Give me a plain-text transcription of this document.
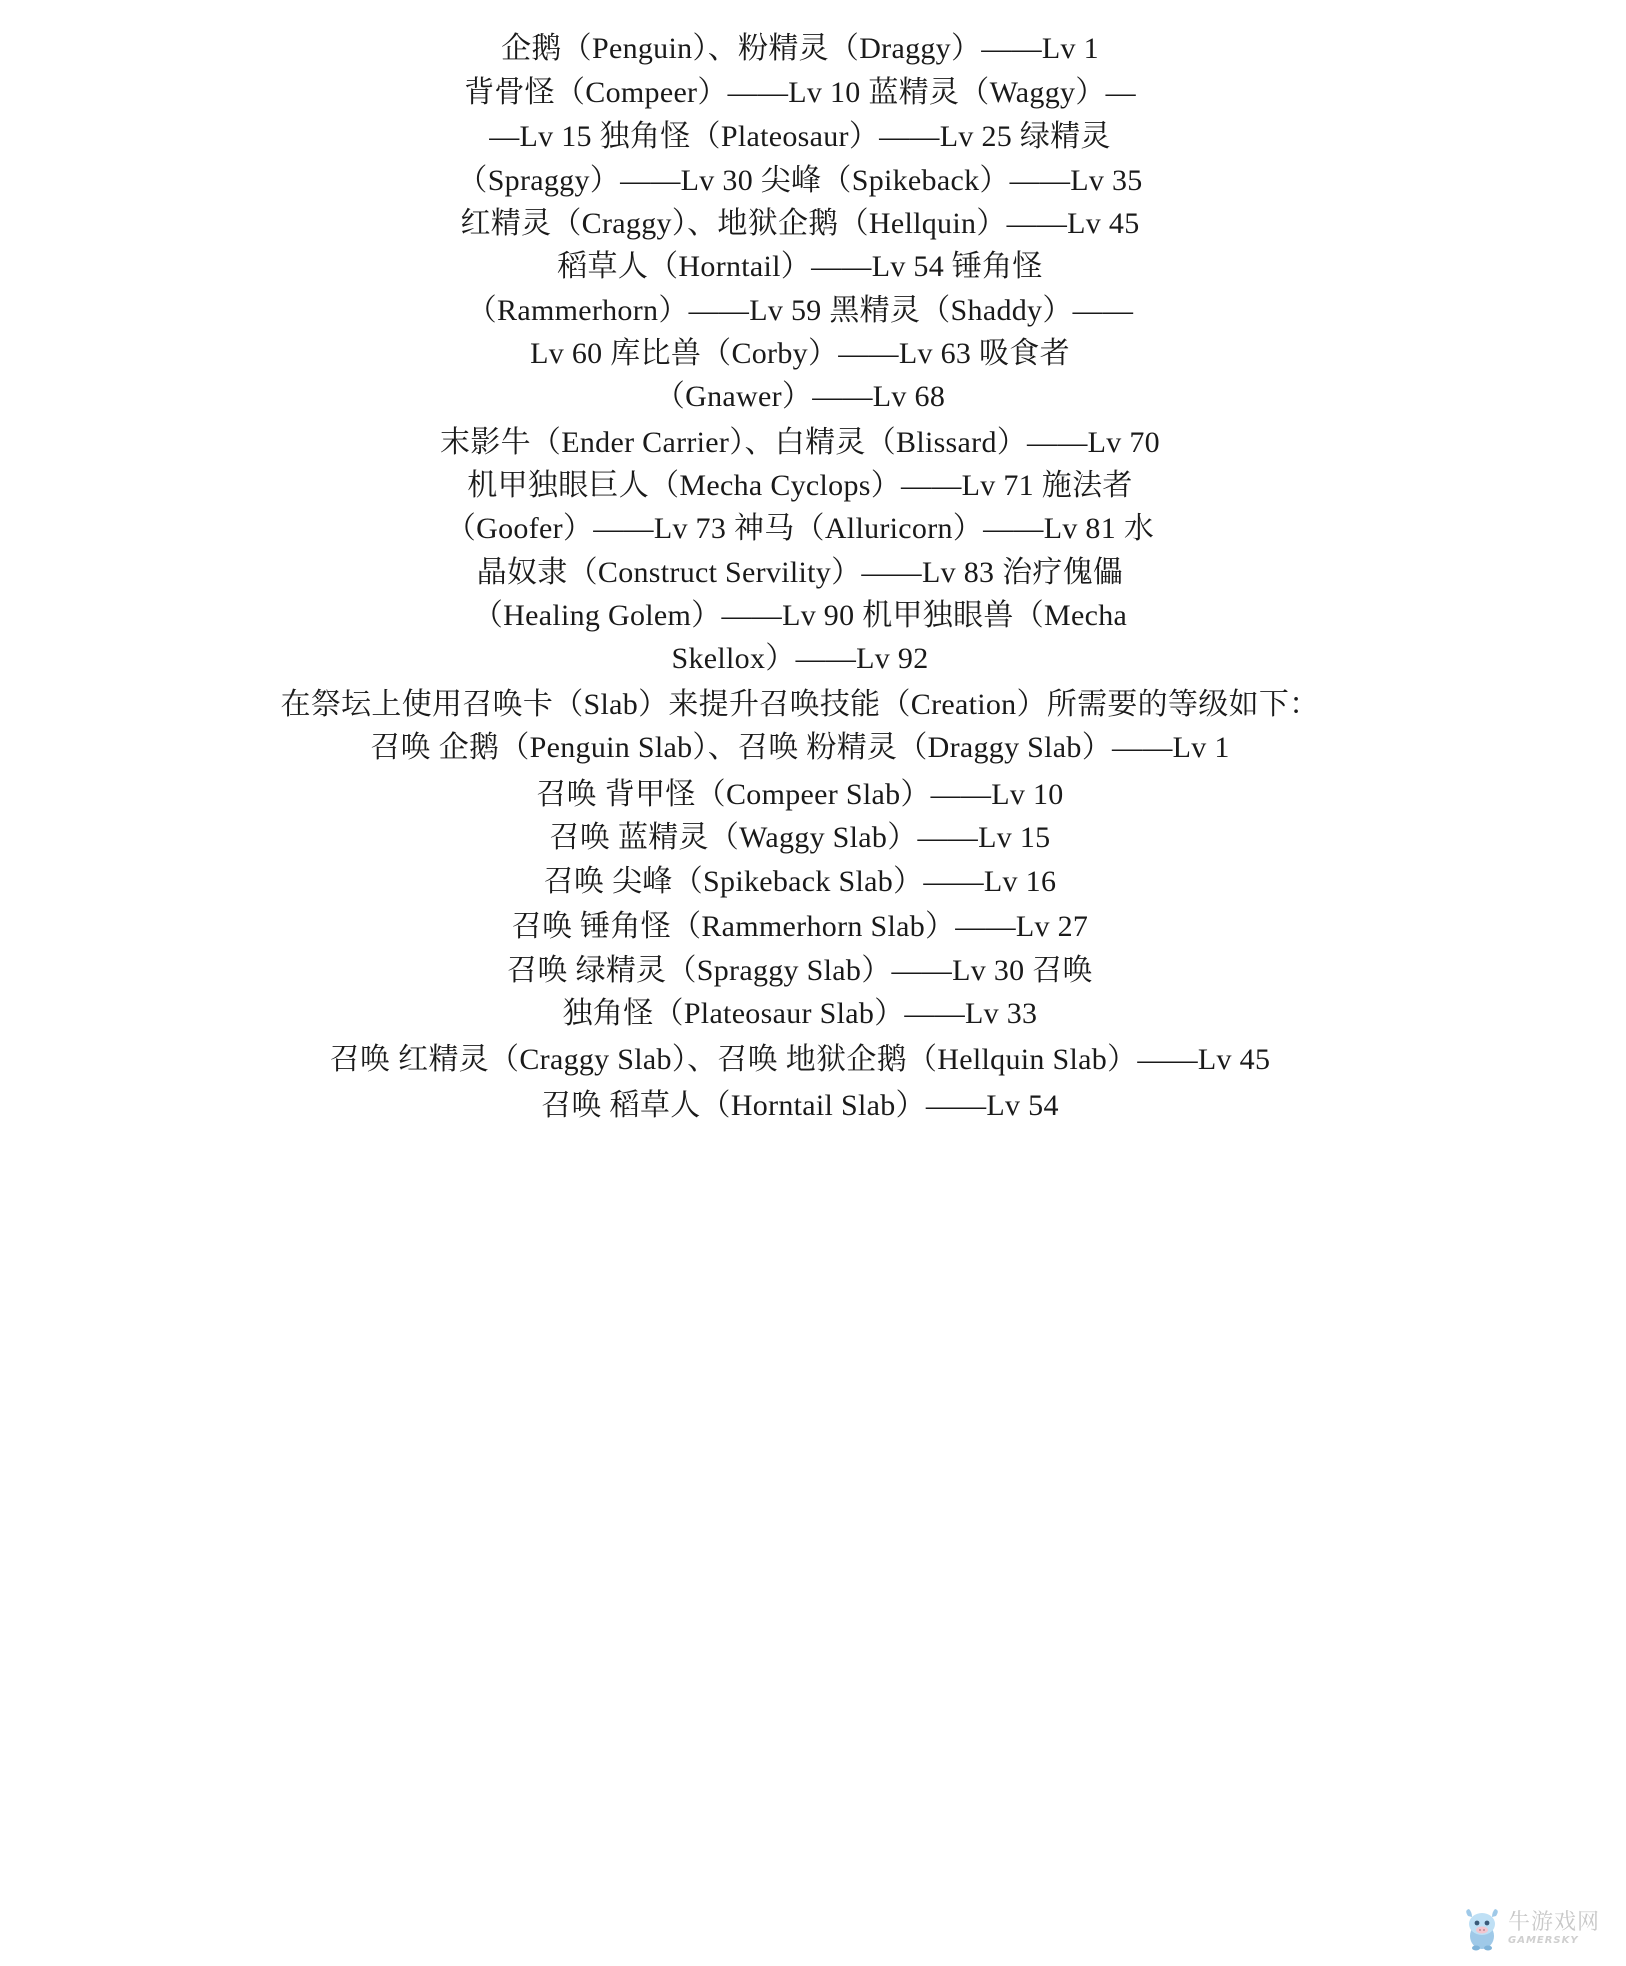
企鹅（Penguin）、粉精灵（Draggy）——Lv 1
背骨怪（Compeer）——Lv 10 蓝精灵（Waggy）—
—Lv 15 独角怪（Plateosaur）——Lv 25 绿精灵
（Spraggy）——Lv 30 尖峰（Spikeback）——Lv 35
红精灵（Craggy）、地狱企鹅（Hellquin）——Lv 45
稻草人（Horntail）——Lv 54 锤角怪
（Rammerhorn）——Lv 59 黑精灵（Shaddy）——
Lv 60 库比兽（Corby）——Lv 63 吸食者
（Gnawer）——Lv 68
末影牛（Ender Carrier）、白精灵（Blissard）——Lv 70
机甲独眼巨人（Mecha Cyclops）——Lv 71 施法者
（Goofer）——Lv 73 神马（Alluricorn）——Lv 81 水
晶奴隶（Construct Servility）——Lv 83 治疗傀儡
（Healing Golem）——Lv 90 机甲独眼兽（Mecha
Skellox）——Lv 92
在祭坛上使用召唤卡（Slab）来提升召唤技能（Creation）所需要的等级如下：
召唤 企鹅（Penguin Slab）、召唤 粉精灵（Draggy Slab）——Lv 1
召唤 背甲怪（Compeer Slab）——Lv 10
召唤 蓝精灵（Waggy Slab）——Lv 15
召唤 尖峰（Spikeback Slab）——Lv 16
召唤 锤角怪（Rammerhorn Slab）——Lv 27
召唤 绿精灵（Spraggy Slab）——Lv 30 召唤
独角怪（Plateosaur Slab）——Lv 33
召唤 红精灵（Craggy Slab）、召唤 地狱企鹅（Hellquin Slab）——Lv 45
召唤 稻草人（Horntail Slab）——Lv 54
牛游戏网
GAMERSKY
